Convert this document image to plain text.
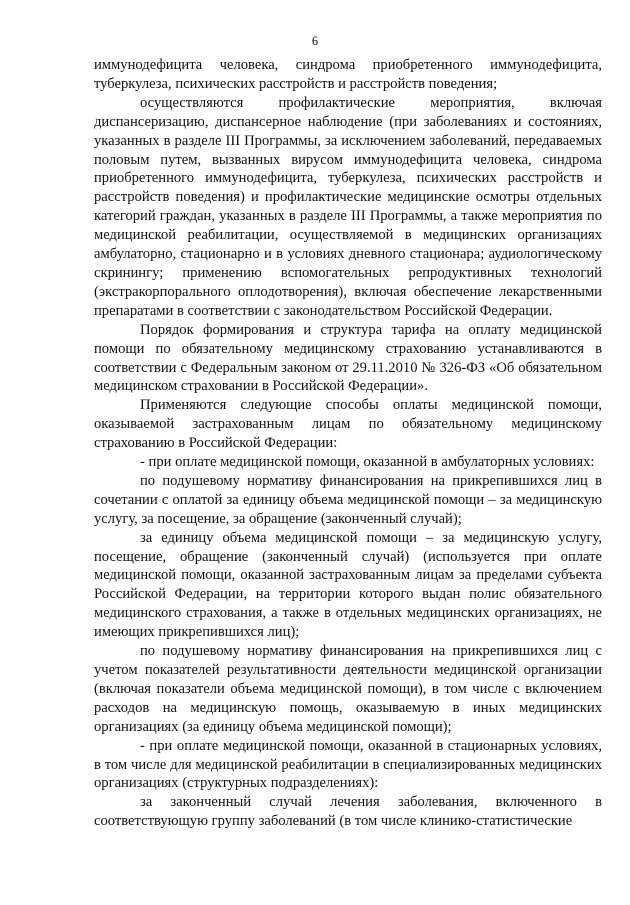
6

иммунодефицита человека, синдрома приобретенного иммунодефицита, туберкулеза, психических расстройств и расстройств поведения;

осуществляются профилактические мероприятия, включая диспансеризацию, диспансерное наблюдение (при заболеваниях и состояниях, указанных в разделе III Программы, за исключением заболеваний, передаваемых половым путем, вызванных вирусом иммунодефицита человека, синдрома приобретенного иммунодефицита, туберкулеза, психических расстройств и расстройств поведения) и профилактические медицинские осмотры отдельных категорий граждан, указанных в разделе III Программы, а также мероприятия по медицинской реабилитации, осуществляемой в медицинских организациях амбулаторно, стационарно и в условиях дневного стационара; аудиологическому скринингу; применению вспомогательных репродуктивных технологий (экстракорпорального оплодотворения), включая обеспечение лекарственными препаратами в соответствии с законодательством Российской Федерации.

Порядок формирования и структура тарифа на оплату медицинской помощи по обязательному медицинскому страхованию устанавливаются в соответствии с Федеральным законом от 29.11.2010 № 326-ФЗ «Об обязательном медицинском страховании в Российской Федерации».

Применяются следующие способы оплаты медицинской помощи, оказываемой застрахованным лицам по обязательному медицинскому страхованию в Российской Федерации:

- при оплате медицинской помощи, оказанной в амбулаторных условиях:

по подушевому нормативу финансирования на прикрепившихся лиц в сочетании с оплатой за единицу объема медицинской помощи – за медицинскую услугу, за посещение, за обращение (законченный случай);

за единицу объема медицинской помощи – за медицинскую услугу, посещение, обращение (законченный случай) (используется при оплате медицинской помощи, оказанной застрахованным лицам за пределами субъекта Российской Федерации, на территории которого выдан полис обязательного медицинского страхования, а также в отдельных медицинских организациях, не имеющих прикрепившихся лиц);

по подушевому нормативу финансирования на прикрепившихся лиц с учетом показателей результативности деятельности медицинской организации (включая показатели объема медицинской помощи), в том числе с включением расходов на медицинскую помощь, оказываемую в иных медицинских организациях (за единицу объема медицинской помощи);

- при оплате медицинской помощи, оказанной в стационарных условиях, в том числе для медицинской реабилитации в специализированных медицинских организациях (структурных подразделениях):

за законченный случай лечения заболевания, включенного в соответствующую группу заболеваний (в том числе клинико-статистические
